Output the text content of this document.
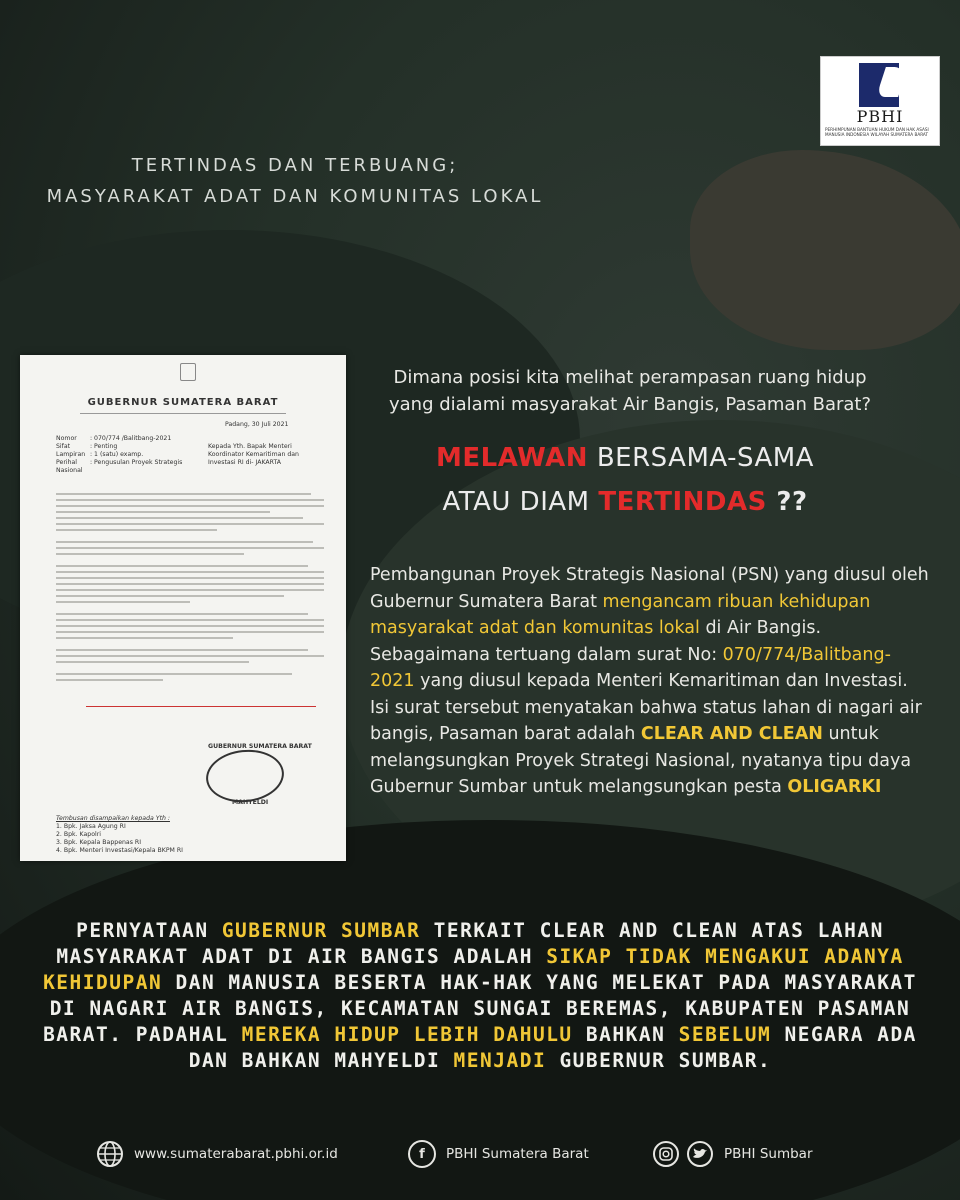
PBHI
PERHIMPUNAN BANTUAN HUKUM DAN HAK ASASI MANUSIA INDONESIA WILAYAH SUMATERA BARAT
TERTINDAS DAN TERBUANG;
MASYARAKAT ADAT DAN KOMUNITAS LOKAL
GUBERNUR SUMATERA BARAT
Padang, 30 Juli 2021
Nomor : 070/774 /Balitbang-2021
Sifat	: Penting
Lampiran : 1 (satu) examp.
Perihal : Pengusulan Proyek Strategis Nasional
Kepada Yth. Bapak Menteri Koordinator Kemaritiman dan Investasi RI di- JAKARTA
GUBERNUR SUMATERA BARAT
MAHYELDI
Tembusan disampaikan kepada Yth :
1. Bpk. Jaksa Agung RI
2. Bpk. Kapolri
3. Bpk. Kepala Bappenas RI
4. Bpk. Menteri Investasi/Kepala BKPM RI
Dimana posisi kita melihat perampasan ruang hidup yang dialami masyarakat Air Bangis, Pasaman Barat?
MELAWAN BERSAMA-SAMA
ATAU DIAM TERTINDAS ??
Pembangunan Proyek Strategis Nasional (PSN) yang diusul oleh Gubernur Sumatera Barat mengancam ribuan kehidupan masyarakat adat dan komunitas lokal di Air Bangis. Sebagaimana tertuang dalam surat No: 070/774/Balitbang-2021 yang diusul kepada Menteri Kemaritiman dan Investasi. Isi surat tersebut menyatakan bahwa status lahan di nagari air bangis, Pasaman barat adalah CLEAR AND CLEAN untuk melangsungkan Proyek Strategi Nasional, nyatanya tipu daya Gubernur Sumbar untuk melangsungkan pesta OLIGARKI
PERNYATAAN GUBERNUR SUMBAR TERKAIT CLEAR AND CLEAN ATAS LAHAN MASYARAKAT ADAT DI AIR BANGIS ADALAH SIKAP TIDAK MENGAKUI ADANYA KEHIDUPAN DAN MANUSIA BESERTA HAK-HAK YANG MELEKAT PADA MASYARAKAT DI NAGARI AIR BANGIS, KECAMATAN SUNGAI BEREMAS, KABUPATEN PASAMAN BARAT. PADAHAL MEREKA HIDUP LEBIH DAHULU BAHKAN SEBELUM NEGARA ADA DAN BAHKAN MAHYELDI MENJADI GUBERNUR SUMBAR.
www.sumaterabarat.pbhi.or.id	f	PBHI Sumatera Barat	PBHI Sumbar
